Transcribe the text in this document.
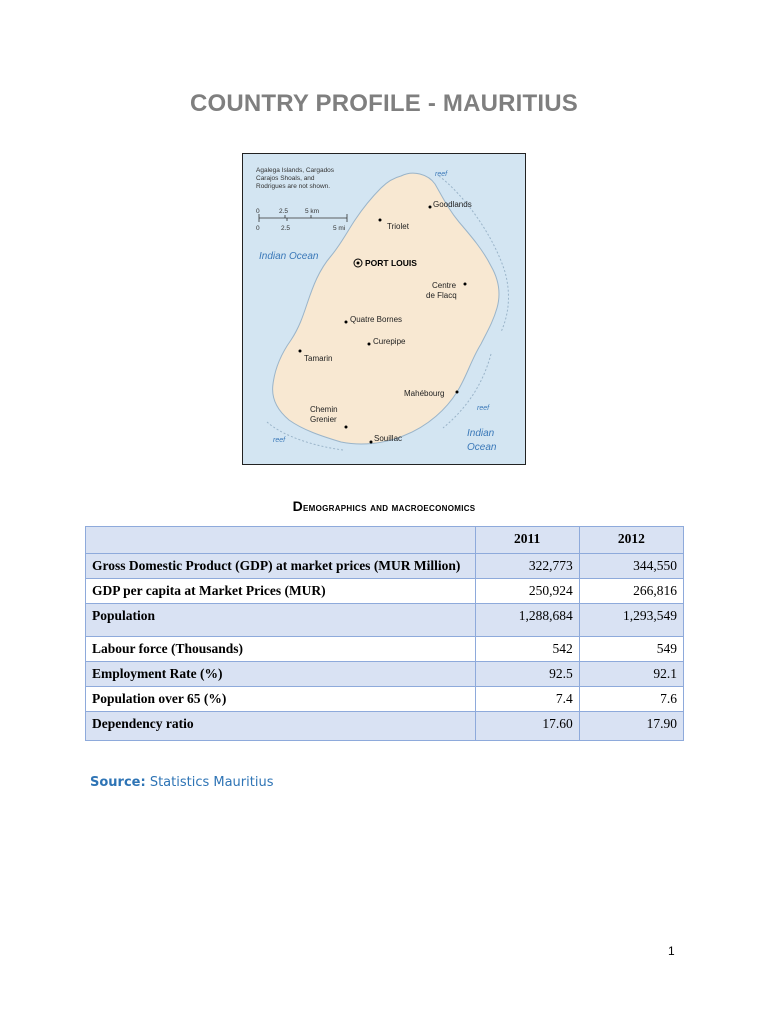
COUNTRY PROFILE - MAURITIUS
Agalega Islands, Cargados
Carajos Shoals, and
Rodrigues are not shown.
0	2.5	5 km
0	2.5	5 mi
Indian Ocean
Indian
Ocean
reef
reef
reef
PORT LOUIS
Goodlands
Triolet
Centre
de Flacq
Quatre Bornes
Curepipe
Tamarin
Mahébourg
Chemin
Grenier
Souillac
Demographics and macroeconomics
	2011	2012
Gross Domestic Product (GDP) at market prices (MUR Million)	322,773	344,550
GDP per capita at Market Prices (MUR)	250,924	266,816
Population	1,288,684	1,293,549
Labour force (Thousands)	542	549
Employment Rate (%)	92.5	92.1
Population over 65 (%)	7.4	7.6
Dependency ratio	17.60	17.90
Source: Statistics Mauritius
1
